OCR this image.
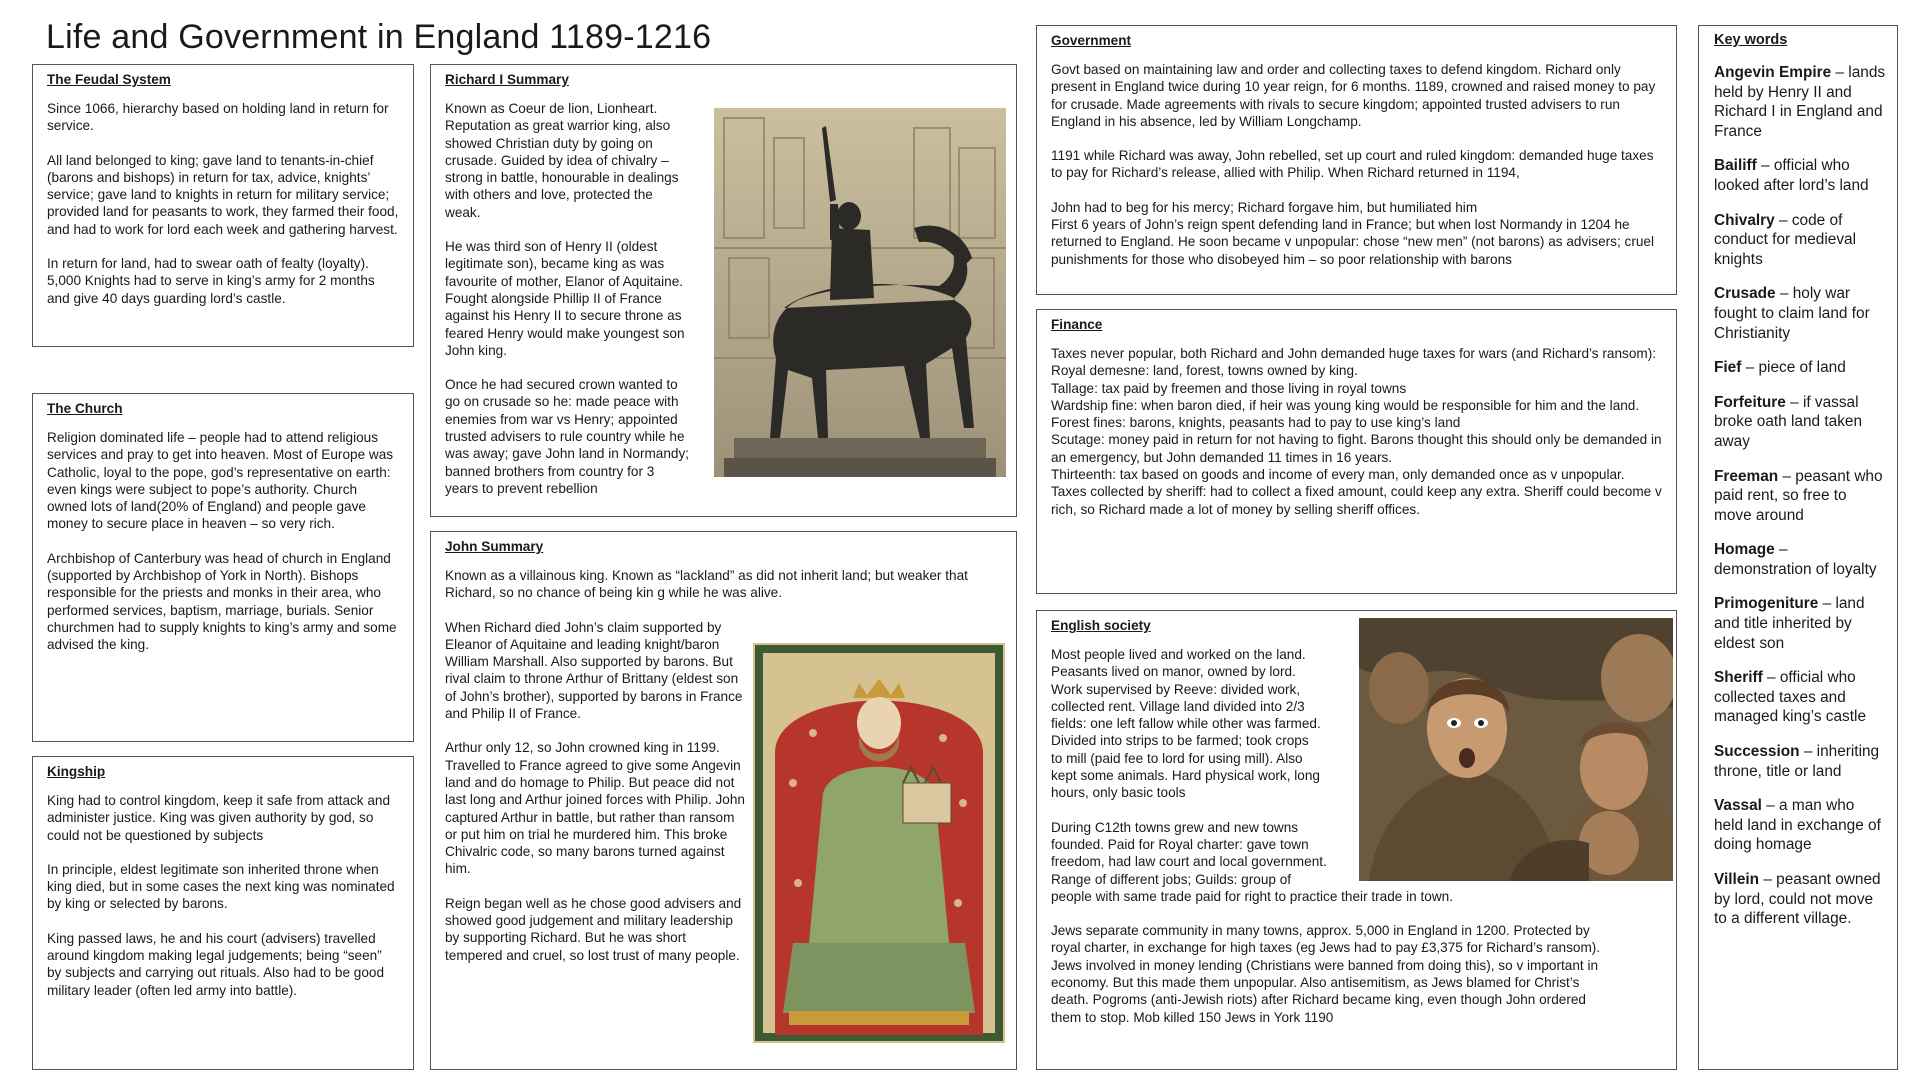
Life and Government in England 1189-1216
The Feudal System

Since 1066, hierarchy based on holding land in return for service.

All land belonged to king; gave land to tenants-in-chief (barons and bishops) in return for tax, advice, knights’ service; gave land to knights in return for military service; provided land for peasants to work, they farmed their food, and had to work for lord each week and gathering harvest.

In return for land, had to swear oath of fealty (loyalty). 5,000 Knights had to serve in king’s army for 2 months and give 40 days guarding lord’s castle.

The Church

Religion dominated life – people had to attend religious services and pray to get into heaven. Most of Europe was Catholic, loyal to the pope, god’s representative on earth: even kings were subject to pope’s authority. Church owned lots of land(20% of England) and people gave money to secure place in heaven – so very rich.

Archbishop of Canterbury was head of church in England (supported by Archbishop of York in North). Bishops responsible for the priests and monks in their area, who performed services, baptism, marriage, burials. Senior churchmen had to supply knights to king’s army and some advised the king.

Kingship

King had to control kingdom, keep it safe from attack and administer justice. King was given authority by god, so could not be questioned by subjects

In principle, eldest legitimate son inherited throne when king died, but in some cases the next king was nominated by king or selected by barons.

King passed laws, he and his court (advisers) travelled around kingdom making legal judgements; being “seen” by subjects and carrying out rituals. Also had to be good military leader (often led army into battle).

Richard I Summary

Known as Coeur de lion, Lionheart.
Reputation as great warrior king, also
showed Christian duty by going on
crusade. Guided by idea of chivalry –
strong in battle, honourable in dealings
with others and love, protected the
weak.

He was third son of Henry II (oldest
legitimate son), became king as was
favourite of mother, Elanor of Aquitaine.
Fought alongside Phillip II of France
against his Henry II to secure throne as
feared Henry would make youngest son
John king.

Once he had secured crown wanted to
go on crusade so he: made peace with
enemies from war vs Henry; appointed
trusted advisers to rule country while he
was away; gave John land in Normandy;
banned brothers from country for 3
years to prevent rebellion

John Summary

Known as a villainous king. Known as “lackland” as did not inherit land; but weaker that Richard, so no chance of being kin g while he was alive.

When Richard died John’s claim supported by Eleanor of Aquitaine and leading knight/baron William Marshall. Also supported by barons. But rival claim to throne Arthur of Brittany (eldest son of John’s brother), supported by barons in France and Philip II of France.

Arthur only 12, so John crowned king in 1199. Travelled to France agreed to give some Angevin land and do homage to Philip. But peace did not last long and Arthur joined forces with Philip. John captured Arthur in battle, but rather than ransom or put him on trial he murdered him. This broke Chivalric code, so many barons turned against him.

Reign began well as he chose good advisers and showed good judgement and military leadership by supporting Richard. But he was short tempered and cruel, so lost trust of many people.

Government

Govt based on maintaining law and order and collecting taxes to defend kingdom. Richard only present in England twice during 10 year reign, for 6 months. 1189, crowned and raised money to pay for crusade. Made agreements with rivals to secure kingdom; appointed trusted advisers to run England in his absence, led by William Longchamp.

1191 while Richard was away, John rebelled, set up court and ruled kingdom: demanded huge taxes to pay for Richard’s release, allied with Philip. When Richard returned in 1194,

John had to beg for his mercy; Richard forgave him, but humiliated him

First 6 years of John’s reign spent defending land in France; but when lost Normandy in 1204 he returned to England. He soon became v unpopular: chose “new men” (not barons) as advisers; cruel punishments for those who disobeyed him – so poor relationship with barons

Finance

Taxes never popular, both Richard and John demanded huge taxes for wars (and Richard’s ransom):

Royal demesne: land, forest, towns owned by king.

Tallage: tax paid by freemen and those living in royal towns

Wardship fine: when baron died, if heir was young king would be responsible for him and the land.

Forest fines: barons, knights, peasants had to pay to use king’s land

Scutage: money paid in return for not having to fight. Barons thought this should only be demanded in an emergency, but John demanded 11 times in 16 years.

Thirteenth: tax based on goods and income of every man, only demanded once as v unpopular.

Taxes collected by sheriff: had to collect a fixed amount, could keep any extra. Sheriff could become v rich, so Richard made a lot of money by selling sheriff offices.

English society

Most people lived and worked on the land.
Peasants lived on manor, owned by lord.
Work supervised by Reeve: divided work,
collected rent. Village land divided into 2/3
fields: one left fallow while other was farmed.
Divided into strips to be farmed; took crops
to mill (paid fee to lord for using mill). Also
kept some animals. Hard physical work, long
hours, only basic tools

During C12th towns grew and new towns
founded. Paid for Royal charter: gave town
freedom, had law court and local government.
Range of different jobs; Guilds: group of
people with same trade paid for right to practice their trade in town.

Jews separate community in many towns, approx. 5,000 in England in 1200. Protected by
royal charter, in exchange for high taxes (eg Jews had to pay £3,375 for Richard’s ransom).
Jews involved in money lending (Christians were banned from doing this), so v important in
economy. But this made them unpopular. Also antisemitism, as Jews blamed for Christ’s
death. Pogroms (anti-Jewish riots) after Richard became king, even though John ordered
them to stop. Mob killed 150 Jews in York 1190

Key words

Angevin Empire – lands held by Henry II and Richard I in England and France

Bailiff – official who looked after lord’s land

Chivalry – code of conduct for medieval knights

Crusade – holy war fought to claim land for Christianity

Fief – piece of land

Forfeiture – if vassal broke oath land taken away

Freeman – peasant who paid rent, so free to move around

Homage – demonstration of loyalty

Primogeniture – land and title inherited by eldest son

Sheriff – official who collected taxes and managed king’s castle

Succession – inheriting throne, title or land

Vassal – a man who held land in exchange of doing homage

Villein – peasant owned by lord, could not move to a different village.
